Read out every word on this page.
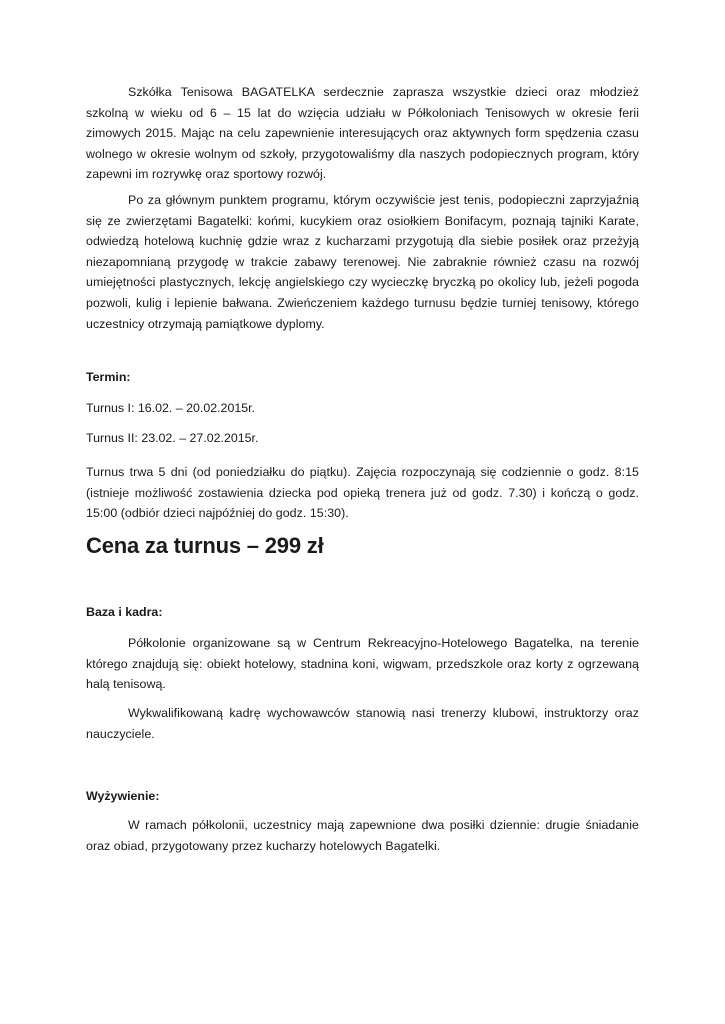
Szkółka Tenisowa BAGATELKA serdecznie zaprasza wszystkie dzieci oraz młodzież szkolną w wieku od 6 – 15 lat do wzięcia udziału w Półkoloniach Tenisowych w okresie ferii zimowych 2015. Mając na celu zapewnienie interesujących oraz aktywnych form spędzenia czasu wolnego w okresie wolnym od szkoły, przygotowaliśmy dla naszych podopiecznych program, który zapewni im rozrywkę oraz sportowy rozwój.

Po za głównym punktem programu, którym oczywiście jest tenis, podopieczni zaprzyjaźnią się ze zwierzętami Bagatelki: końmi, kucykiem oraz osiołkiem Bonifacym, poznają tajniki Karate, odwiedzą hotelową kuchnię gdzie wraz z kucharzami przygotują dla siebie posiłek oraz przeżyją niezapomnianą przygodę w trakcie zabawy terenowej. Nie zabraknie również czasu na rozwój umiejętności plastycznych, lekcję angielskiego czy wycieczkę bryczką po okolicy lub, jeżeli pogoda pozwoli, kulig i lepienie bałwana. Zwieńczeniem każdego turnusu będzie turniej tenisowy, którego uczestnicy otrzymają pamiątkowe dyplomy.

Termin:
Turnus I: 16.02. – 20.02.2015r.
Turnus II: 23.02. – 27.02.2015r.

Turnus trwa 5 dni (od poniedziałku do piątku). Zajęcia rozpoczynają się codziennie o godz. 8:15 (istnieje możliwość zostawienia dziecka pod opieką trenera już od godz. 7.30) i kończą o godz. 15:00 (odbiór dzieci najpóźniej do godz. 15:30).

Cena za turnus – 299 zł
Baza i kadra:

Półkolonie organizowane są w Centrum Rekreacyjno-Hotelowego Bagatelka, na terenie którego znajdują się: obiekt hotelowy, stadnina koni, wigwam, przedszkole oraz korty z ogrzewaną halą tenisową.

Wykwalifikowaną kadrę wychowawców stanowią nasi trenerzy klubowi, instruktorzy oraz nauczyciele.

Wyżywienie:

W ramach półkolonii, uczestnicy mają zapewnione dwa posiłki dziennie: drugie śniadanie oraz obiad, przygotowany przez kucharzy hotelowych Bagatelki.
